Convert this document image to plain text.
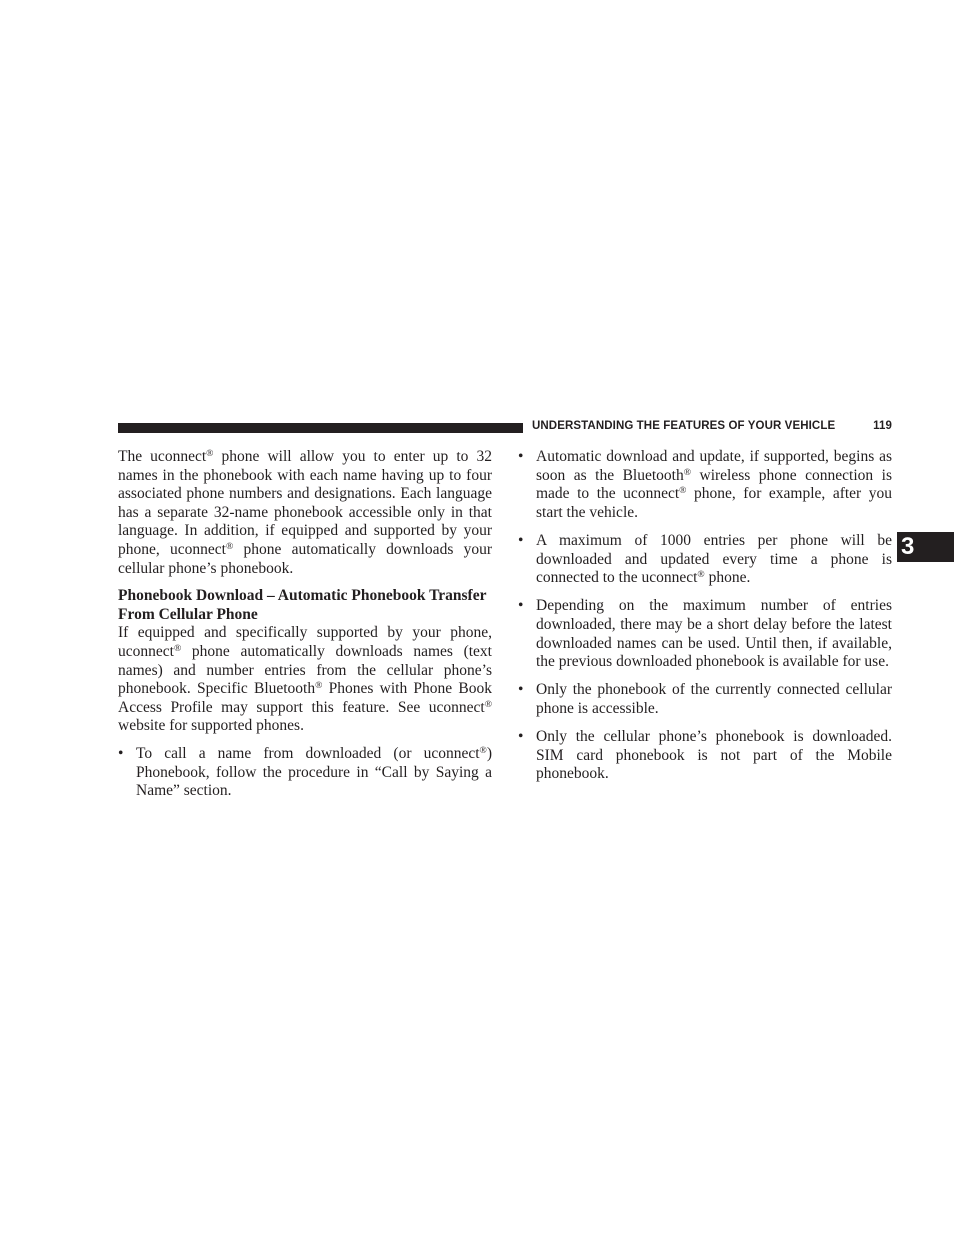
UNDERSTANDING THE FEATURES OF YOUR VEHICLE	119
3

The uconnect® phone will allow you to enter up to 32 names in the phonebook with each name having up to four associated phone numbers and designations. Each language has a separate 32-name phonebook accessible only in that language. In addition, if equipped and supported by your phone, uconnect® phone automatically downloads your cellular phone’s phonebook.

Phonebook Download – Automatic Phonebook Transfer From Cellular Phone

If equipped and specifically supported by your phone, uconnect® phone automatically downloads names (text names) and number entries from the cellular phone’s phonebook. Specific Bluetooth® Phones with Phone Book Access Profile may support this feature. See uconnect® website for supported phones.

• To call a name from downloaded (or uconnect®) Phonebook, follow the procedure in “Call by Saying a Name” section.
• Automatic download and update, if supported, begins as soon as the Bluetooth® wireless phone connection is made to the uconnect® phone, for example, after you start the vehicle.
• A maximum of 1000 entries per phone will be downloaded and updated every time a phone is connected to the uconnect® phone.
• Depending on the maximum number of entries downloaded, there may be a short delay before the latest downloaded names can be used. Until then, if available, the previous downloaded phonebook is available for use.
• Only the phonebook of the currently connected cellular phone is accessible.
• Only the cellular phone’s phonebook is downloaded. SIM card phonebook is not part of the Mobile phonebook.
